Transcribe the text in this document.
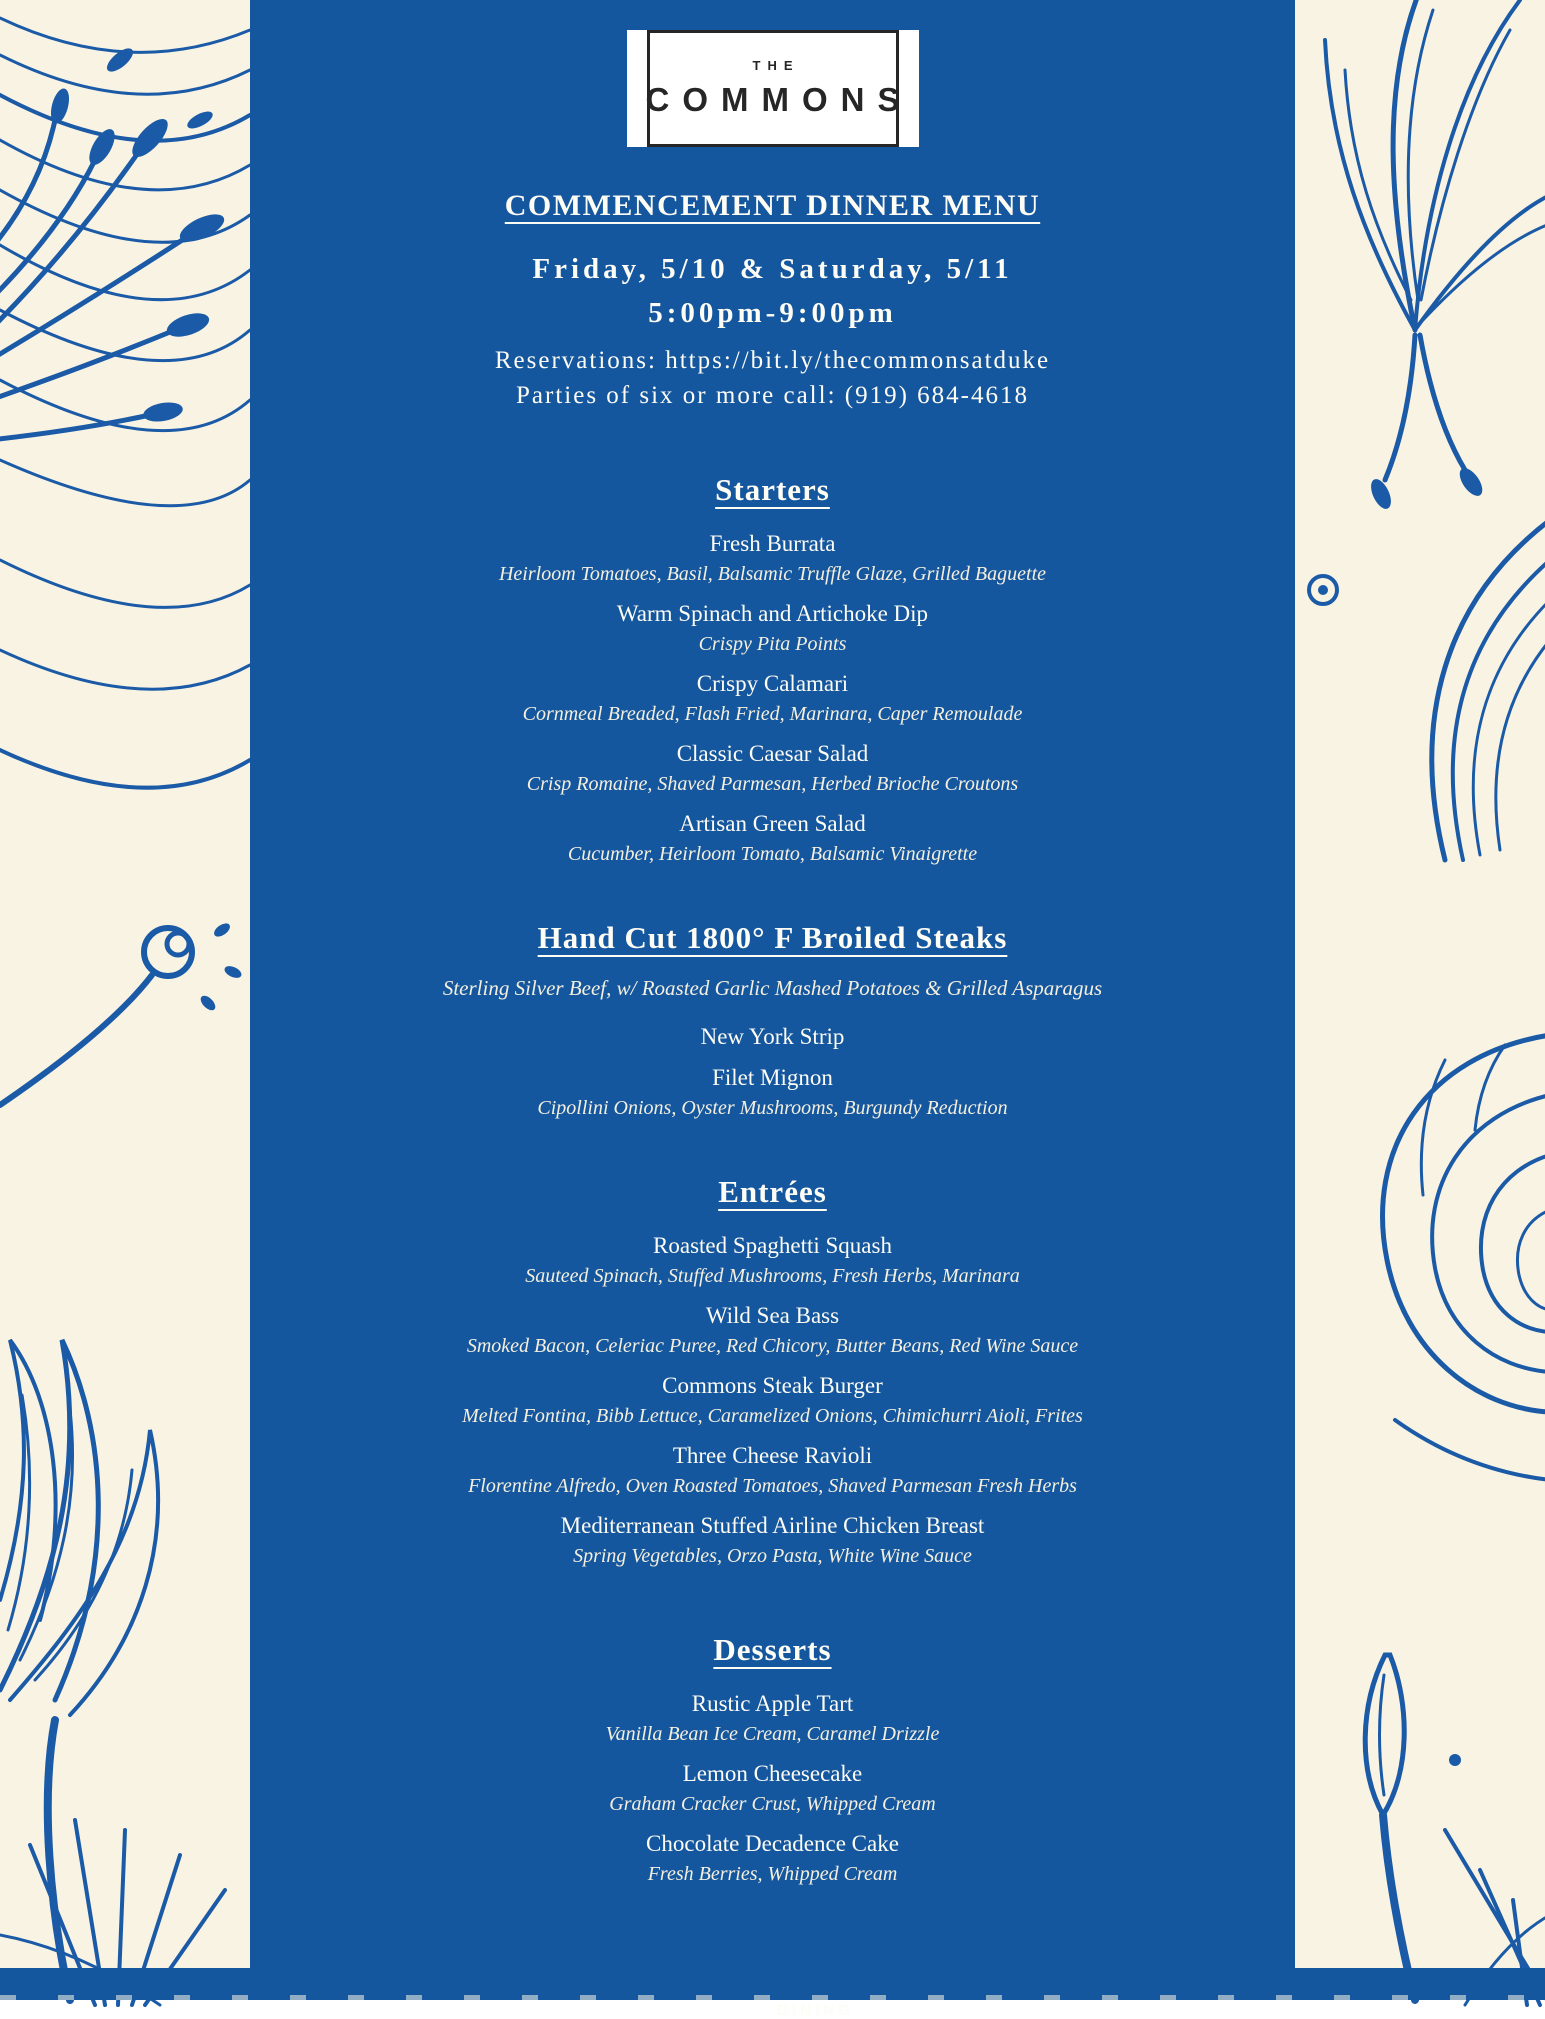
THE
COMMONS
COMMENCEMENT DINNER MENU
Friday, 5/10 & Saturday, 5/11
5:00pm-9:00pm
Reservations: https://bit.ly/thecommonsatduke
Parties of six or more call: (919) 684-4618
Starters
Fresh Burrata
Heirloom Tomatoes, Basil, Balsamic Truffle Glaze, Grilled Baguette
Warm Spinach and Artichoke Dip
Crispy Pita Points
Crispy Calamari
Cornmeal Breaded, Flash Fried, Marinara, Caper Remoulade
Classic Caesar Salad
Crisp Romaine, Shaved Parmesan, Herbed Brioche Croutons
Artisan Green Salad
Cucumber, Heirloom Tomato, Balsamic Vinaigrette
Hand Cut 1800° F Broiled Steaks
Sterling Silver Beef, w/ Roasted Garlic Mashed Potatoes & Grilled Asparagus
New York Strip
Filet Mignon
Cipollini Onions, Oyster Mushrooms, Burgundy Reduction
Entrées
Roasted Spaghetti Squash
Sauteed Spinach, Stuffed Mushrooms, Fresh Herbs, Marinara
Wild Sea Bass
Smoked Bacon, Celeriac Puree, Red Chicory, Butter Beans, Red Wine Sauce
Commons Steak Burger
Melted Fontina, Bibb Lettuce, Caramelized Onions, Chimichurri Aioli, Frites
Three Cheese Ravioli
Florentine Alfredo, Oven Roasted Tomatoes, Shaved Parmesan Fresh Herbs
Mediterranean Stuffed Airline Chicken Breast
Spring Vegetables, Orzo Pasta, White Wine Sauce
Desserts
Rustic Apple Tart
Vanilla Bean Ice Cream, Caramel Drizzle
Lemon Cheesecake
Graham Cracker Crust, Whipped Cream
Chocolate Decadence Cake
Fresh Berries, Whipped Cream
DINING
